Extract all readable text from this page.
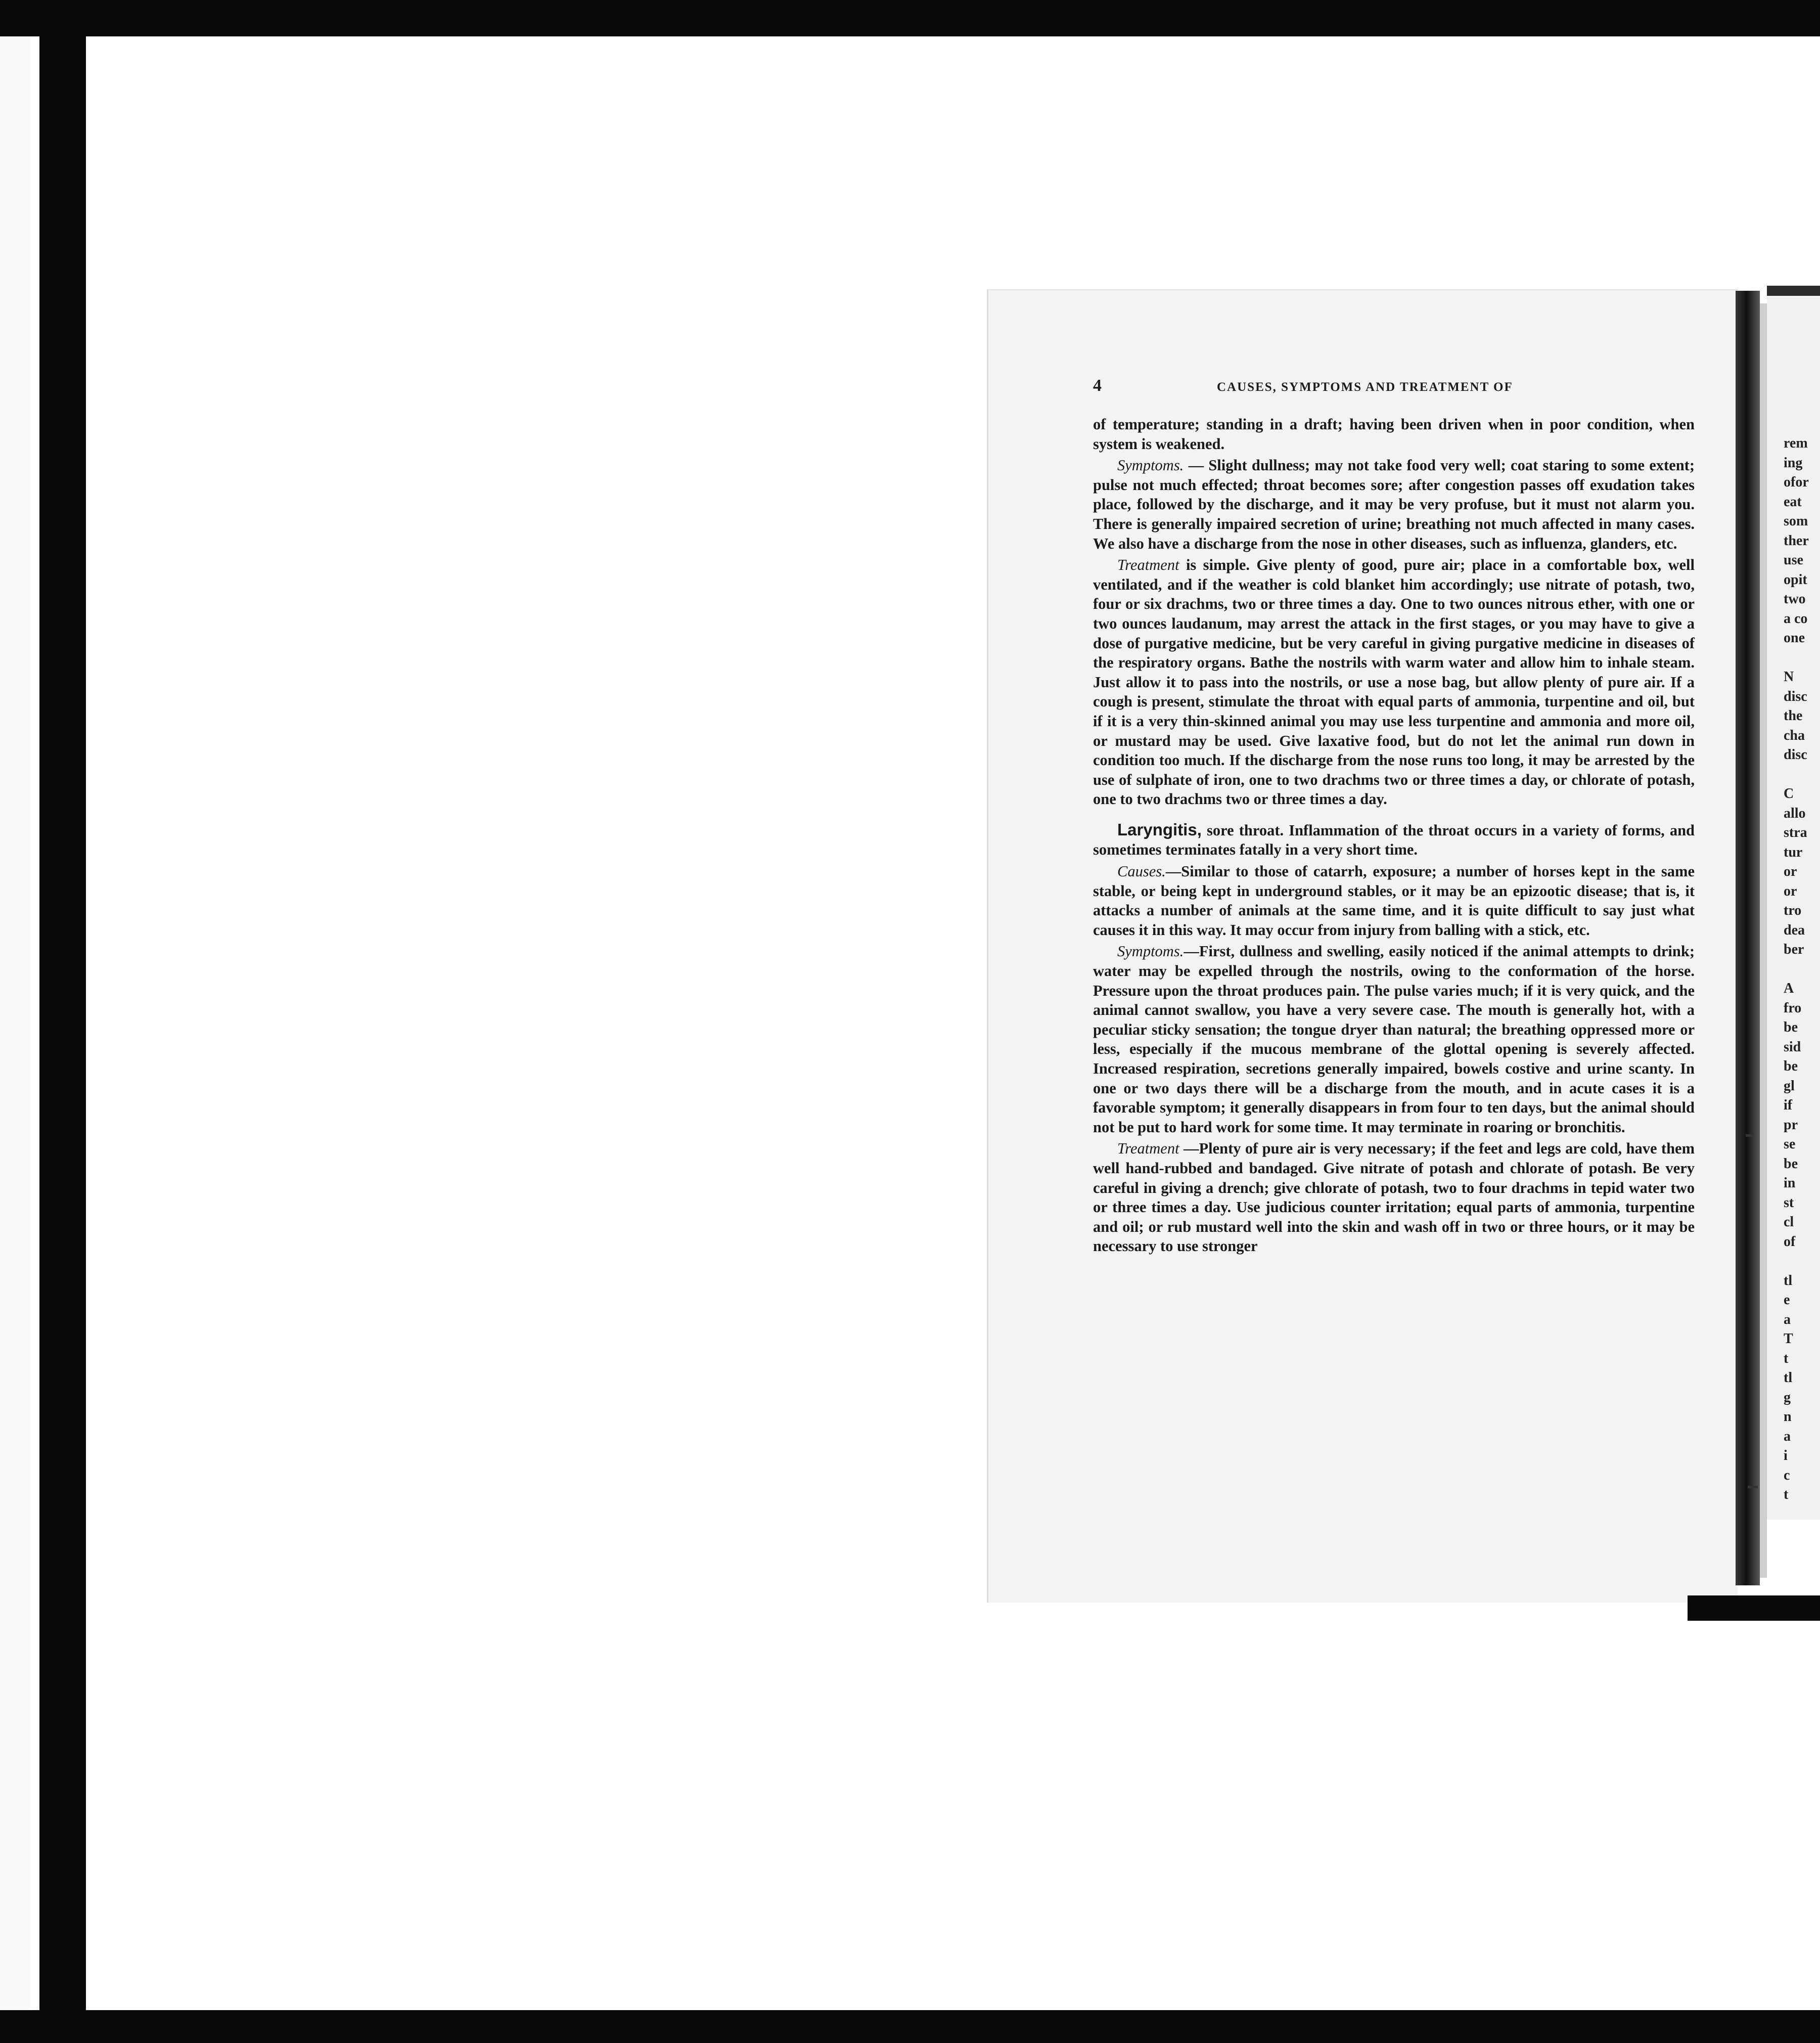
4	CAUSES, SYMPTOMS AND TREATMENT OF

of temperature; standing in a draft; having been driven when in poor condition, when system is weakened.

Symptoms. — Slight dullness; may not take food very well; coat staring to some extent; pulse not much effected; throat becomes sore; after congestion passes off exudation takes place, followed by the discharge, and it may be very profuse, but it must not alarm you. There is generally impaired secretion of urine; breathing not much affected in many cases. We also have a discharge from the nose in other diseases, such as influenza, glanders, etc.

Treatment is simple. Give plenty of good, pure air; place in a comfortable box, well ventilated, and if the weather is cold blanket him accordingly; use nitrate of potash, two, four or six drachms, two or three times a day. One to two ounces nitrous ether, with one or two ounces laudanum, may arrest the attack in the first stages, or you may have to give a dose of purgative medicine, but be very careful in giving purgative medicine in diseases of the respiratory organs. Bathe the nostrils with warm water and allow him to inhale steam. Just allow it to pass into the nostrils, or use a nose bag, but allow plenty of pure air. If a cough is present, stimulate the throat with equal parts of ammonia, turpentine and oil, but if it is a very thin-skinned animal you may use less turpentine and ammonia and more oil, or mustard may be used. Give laxative food, but do not let the animal run down in condition too much. If the discharge from the nose runs too long, it may be arrested by the use of sulphate of iron, one to two drachms two or three times a day, or chlorate of potash, one to two drachms two or three times a day.

Laryngitis, sore throat. Inflammation of the throat occurs in a variety of forms, and sometimes terminates fatally in a very short time.

Causes.—Similar to those of catarrh, exposure; a number of horses kept in the same stable, or being kept in underground stables, or it may be an epizootic disease; that is, it attacks a number of animals at the same time, and it is quite difficult to say just what causes it in this way. It may occur from injury from balling with a stick, etc.

Symptoms.—First, dullness and swelling, easily noticed if the animal attempts to drink; water may be expelled through the nostrils, owing to the conformation of the horse. Pressure upon the throat produces pain. The pulse varies much; if it is very quick, and the animal cannot swallow, you have a very severe case. The mouth is generally hot, with a peculiar sticky sensation; the tongue dryer than natural; the breathing oppressed more or less, especially if the mucous membrane of the glottal opening is severely affected. Increased respiration, secretions generally impaired, bowels costive and urine scanty. In one or two days there will be a discharge from the mouth, and in acute cases it is a favorable symptom; it generally disappears in from four to ten days, but the animal should not be put to hard work for some time. It may terminate in roaring or bronchitis.

Treatment —Plenty of pure air is very necessary; if the feet and legs are cold, have them well hand-rubbed and bandaged. Give nitrate of potash and chlorate of potash. Be very careful in giving a drench; give chlorate of potash, two to four drachms in tepid water two or three times a day. Use judicious counter irritation; equal parts of ammonia, turpentine and oil; or rub mustard well into the skin and wash off in two or three hours, or it may be necessary to use stronger

rem
ing
ofor
eat
som
ther
use
opit
two
a co
one

N
disc
the
cha
disc

C
allo
stra
tur
or
or
tro
dea
ber

A
fro
be
sid
be
gl
if
pr
se
be
in
st
cl
of

tl
e
a
T
t
tl
g
n
a
i
c
t
